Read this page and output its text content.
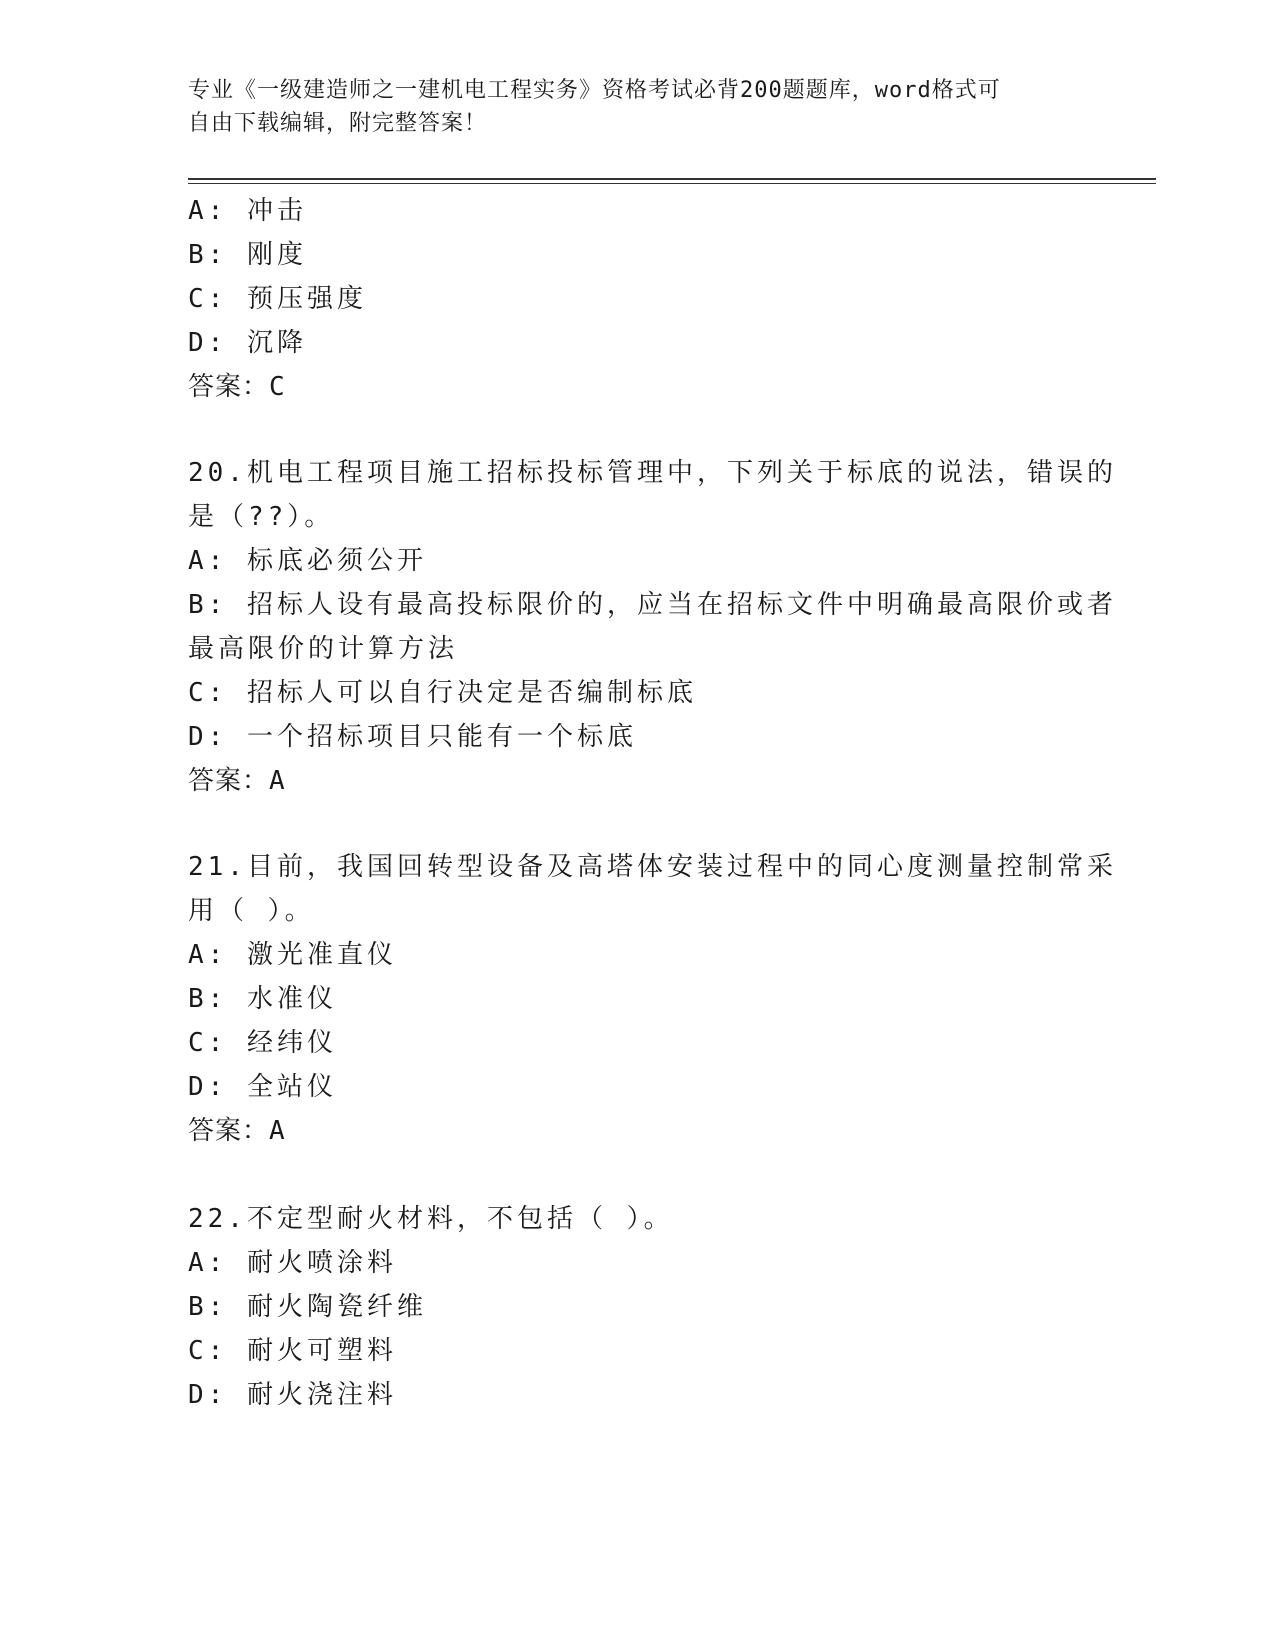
专业《一级建造师之一建机电工程实务》资格考试必背200题题库，word格式可
自由下载编辑，附完整答案！
A: 冲击
B: 刚度
C: 预压强度
D: 沉降
答案：C
20.机电工程项目施工招标投标管理中，下列关于标底的说法，错误的
是（??）。
A: 标底必须公开
B: 招标人设有最高投标限价的，应当在招标文件中明确最高限价或者
最高限价的计算方法
C: 招标人可以自行决定是否编制标底
D: 一个招标项目只能有一个标底
答案：A
21.目前，我国回转型设备及高塔体安装过程中的同心度测量控制常采
用（ ）。
A: 激光准直仪
B: 水准仪
C: 经纬仪
D: 全站仪
答案：A
22.不定型耐火材料，不包括（ ）。
A: 耐火喷涂料
B: 耐火陶瓷纤维
C: 耐火可塑料
D: 耐火浇注料
